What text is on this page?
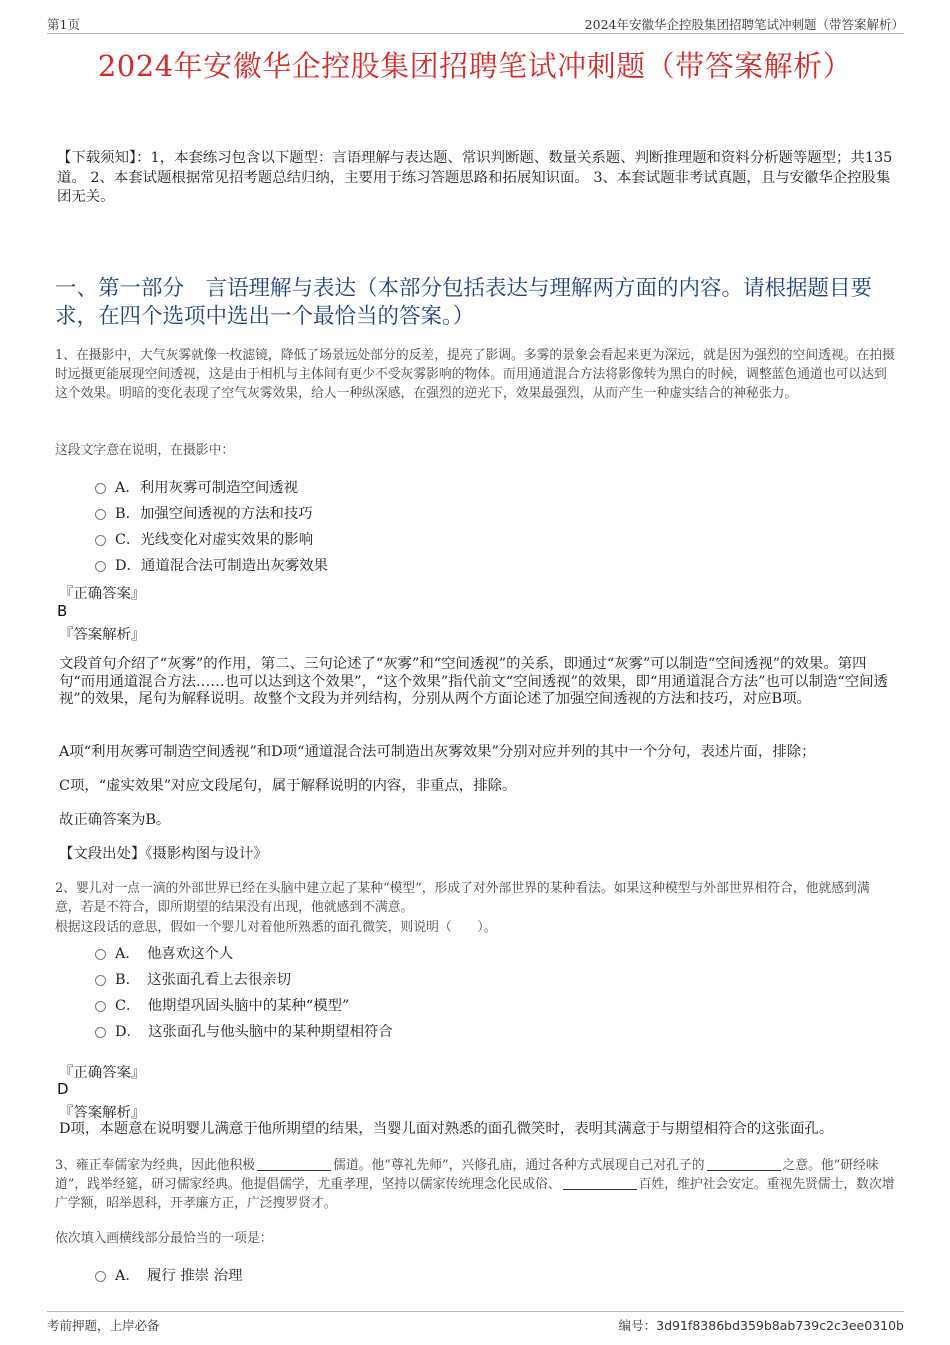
第1页	2024年安徽华企控股集团招聘笔试冲刺题（带答案解析）
2024年安徽华企控股集团招聘笔试冲刺题（带答案解析）
【下载须知】：1，本套练习包含以下题型：言语理解与表达题、常识判断题、数量关系题、判断推理题和资料分析题等题型；共135道。 2、本套试题根据常见招考题总结归纳，主要用于练习答题思路和拓展知识面。 3、本套试题非考试真题，且与安徽华企控股集团无关。
一、第一部分　言语理解与表达（本部分包括表达与理解两方面的内容。请根据题目要求，在四个选项中选出一个最恰当的答案。）
1、在摄影中，大气灰雾就像一枚滤镜，降低了场景远处部分的反差，提亮了影调。多雾的景象会看起来更为深远，就是因为强烈的空间透视。在拍摄时远摄更能展现空间透视，这是由于相机与主体间有更少不受灰雾影响的物体。而用通道混合方法将影像转为黑白的时候，调整蓝色通道也可以达到这个效果。明暗的变化表现了空气灰雾效果，给人一种纵深感，在强烈的逆光下，效果最强烈，从而产生一种虚实结合的神秘张力。
这段文字意在说明，在摄影中：
A．利用灰雾可制造空间透视
B．加强空间透视的方法和技巧
C．光线变化对虚实效果的影响
D．通道混合法可制造出灰雾效果
『正确答案』
B
『答案解析』
文段首句介绍了“灰雾”的作用，第二、三句论述了“灰雾”和“空间透视”的关系，即通过“灰雾”可以制造“空间透视”的效果。第四句“而用通道混合方法……也可以达到这个效果”，“这个效果”指代前文“空间透视”的效果，即“用通道混合方法”也可以制造“空间透视”的效果，尾句为解释说明。故整个文段为并列结构，分别从两个方面论述了加强空间透视的方法和技巧，对应B项。
A项“利用灰雾可制造空间透视”和D项“通道混合法可制造出灰雾效果”分别对应并列的其中一个分句，表述片面，排除；
C项，“虚实效果”对应文段尾句，属于解释说明的内容，非重点，排除。
故正确答案为B。
【文段出处】《摄影构图与设计》
2、婴儿对一点一滴的外部世界已经在头脑中建立起了某种“模型”，形成了对外部世界的某种看法。如果这种模型与外部世界相符合，他就感到满意，若是不符合，即所期望的结果没有出现，他就感到不满意。
根据这段话的意思，假如一个婴儿对着他所熟悉的面孔微笑，则说明（　　）。
A．　他喜欢这个人
B．　这张面孔看上去很亲切
C．　他期望巩固头脑中的某种“模型”
D．　这张面孔与他头脑中的某种期望相符合
『正确答案』
D
『答案解析』
D项，本题意在说明婴儿满意于他所期望的结果，当婴儿面对熟悉的面孔微笑时，表明其满意于与期望相符合的这张面孔。
3、雍正奉儒家为经典，因此他积极	儒道。他“尊礼先师”，兴修孔庙，通过各种方式展现自己对孔子的	之意。他“研经味道”，践举经筵，研习儒家经典。他提倡儒学，尤重孝理，坚持以儒家传统理念化民成俗、	百姓，维护社会安定。重视先贤儒士，数次增广学额，昭举恩科，开孝廉方正，广泛搜罗贤才。
依次填入画横线部分最恰当的一项是：
A．　履行 推崇 治理
考前押题，上岸必备	编号：3d91f8386bd359b8ab739c2c3ee0310b
